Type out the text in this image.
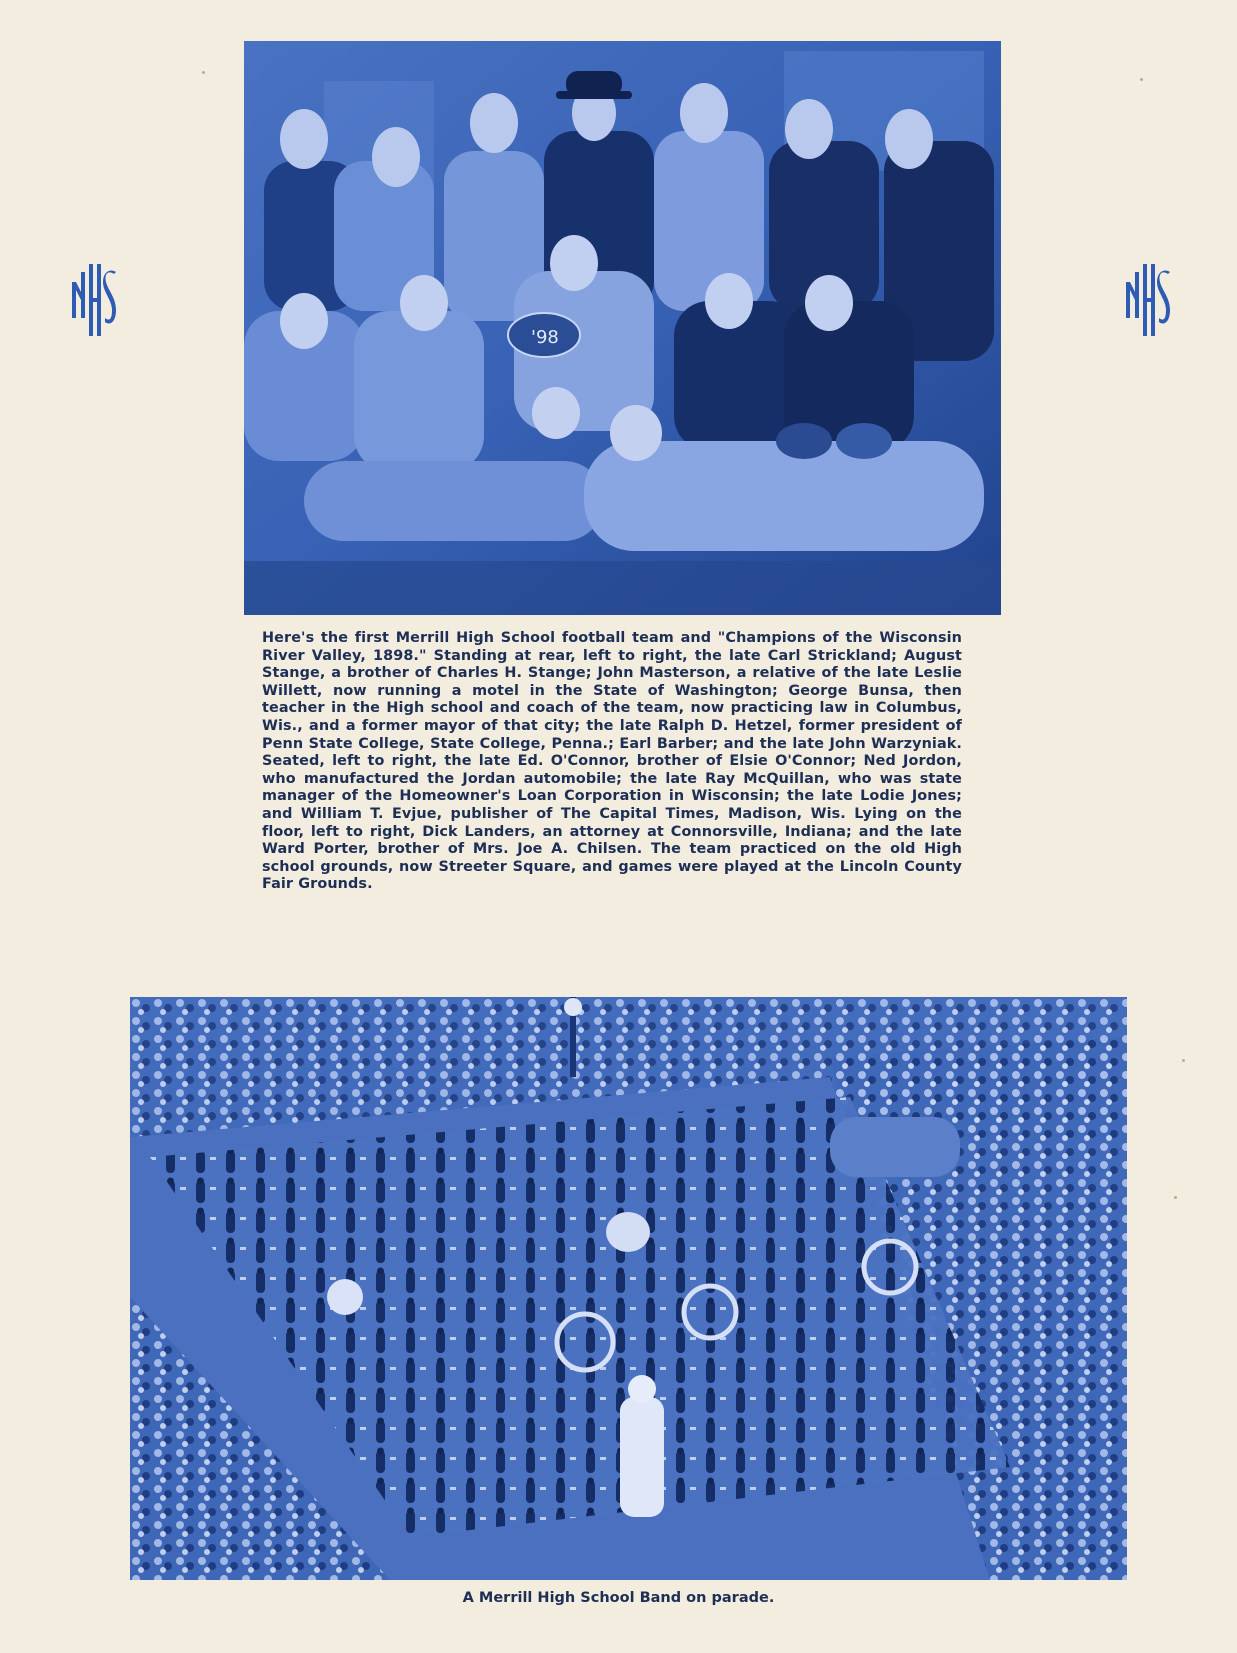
'98

Here's the first Merrill High School football team and "Champions of the Wisconsin River Valley, 1898." Standing at rear, left to right, the late Carl Strickland; August Stange, a brother of Charles H. Stange; John Masterson, a relative of the late Leslie Willett, now running a motel in the State of Washington; George Bunsa, then teacher in the High school and coach of the team, now practicing law in Columbus, Wis., and a former mayor of that city; the late Ralph D. Hetzel, former president of Penn State College, State College, Penna.; Earl Barber; and the late John Warzyniak. Seated, left to right, the late Ed. O'Connor, brother of Elsie O'Connor; Ned Jordon, who manufactured the Jordan automobile; the late Ray McQuillan, who was state manager of the Homeowner's Loan Corporation in Wisconsin; the late Lodie Jones; and William T. Evjue, publisher of The Capital Times, Madison, Wis. Lying on the floor, left to right, Dick Landers, an attorney at Connorsville, Indiana; and the late Ward Porter, brother of Mrs. Joe A. Chilsen. The team practiced on the old High school grounds, now Streeter Square, and games were played at the Lincoln County Fair Grounds.

A Merrill High School Band on parade.
